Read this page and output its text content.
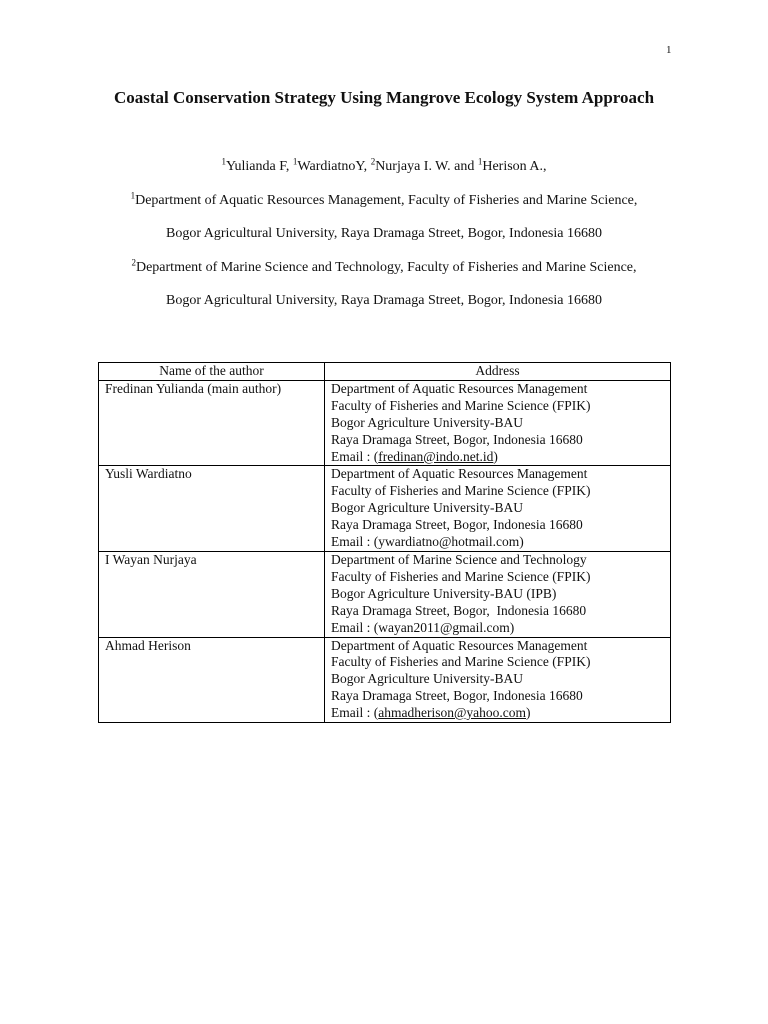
1
Coastal Conservation Strategy Using Mangrove Ecology System Approach
$^1$Yulianda F, $^1$WardiatnoY, $^2$Nurjaya I. W. and $^1$Herison A.,
$^1$Department of Aquatic Resources Management, Faculty of Fisheries and Marine Science,
Bogor Agricultural University, Raya Dramaga Street, Bogor, Indonesia 16680
$^2$Department of Marine Science and Technology, Faculty of Fisheries and Marine Science,
Bogor Agricultural University, Raya Dramaga Street, Bogor, Indonesia 16680
Name of the author	Address
Fredinan Yulianda (main author)	Department of Aquatic Resources Management
Faculty of Fisheries and Marine Science (FPIK)
Bogor Agriculture University-BAU
Raya Dramaga Street, Bogor, Indonesia 16680
Email : (fredinan@indo.net.id)

Yusli Wardiatno	Department of Aquatic Resources Management
Faculty of Fisheries and Marine Science (FPIK)
Bogor Agriculture University-BAU
Raya Dramaga Street, Bogor, Indonesia 16680
Email : (ywardiatno@hotmail.com)

I Wayan Nurjaya	Department of Marine Science and Technology
Faculty of Fisheries and Marine Science (FPIK)
Bogor Agriculture University-BAU (IPB)
Raya Dramaga Street, Bogor,  Indonesia 16680
Email : (wayan2011@gmail.com)

Ahmad Herison	Department of Aquatic Resources Management
Faculty of Fisheries and Marine Science (FPIK)
Bogor Agriculture University-BAU
Raya Dramaga Street, Bogor, Indonesia 16680
Email : (ahmadherison@yahoo.com)
